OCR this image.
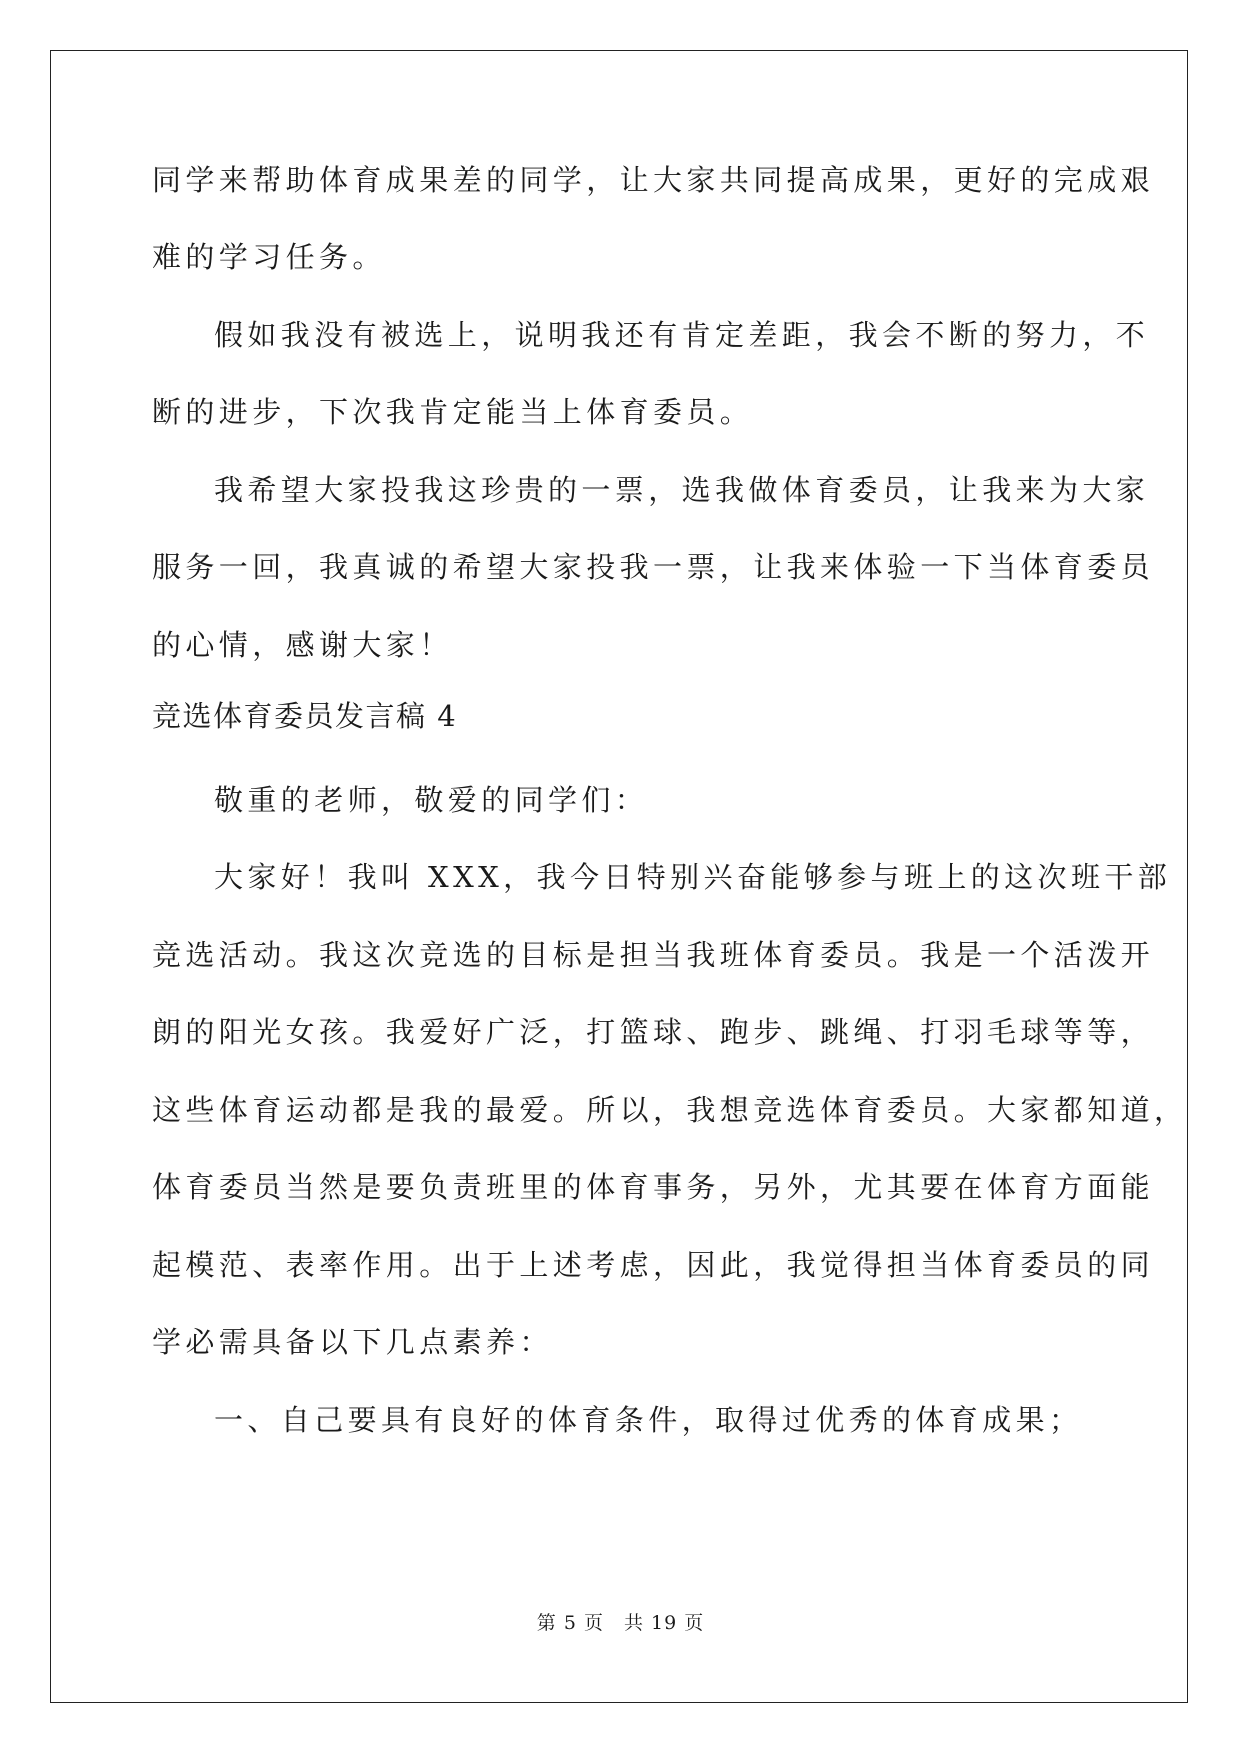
同学来帮助体育成果差的同学，让大家共同提高成果，更好的完成艰
难的学习任务。
假如我没有被选上，说明我还有肯定差距，我会不断的努力，不
断的进步，下次我肯定能当上体育委员。
我希望大家投我这珍贵的一票，选我做体育委员，让我来为大家
服务一回，我真诚的希望大家投我一票，让我来体验一下当体育委员
的心情，感谢大家！
竞选体育委员发言稿 4
敬重的老师，敬爱的同学们：
大家好！我叫 XXX，我今日特别兴奋能够参与班上的这次班干部
竞选活动。我这次竞选的目标是担当我班体育委员。我是一个活泼开
朗的阳光女孩。我爱好广泛，打篮球、跑步、跳绳、打羽毛球等等，
这些体育运动都是我的最爱。所以，我想竞选体育委员。大家都知道，
体育委员当然是要负责班里的体育事务，另外，尤其要在体育方面能
起模范、表率作用。出于上述考虑，因此，我觉得担当体育委员的同
学必需具备以下几点素养：
一、自己要具有良好的体育条件，取得过优秀的体育成果；
第 5 页　共 19 页
